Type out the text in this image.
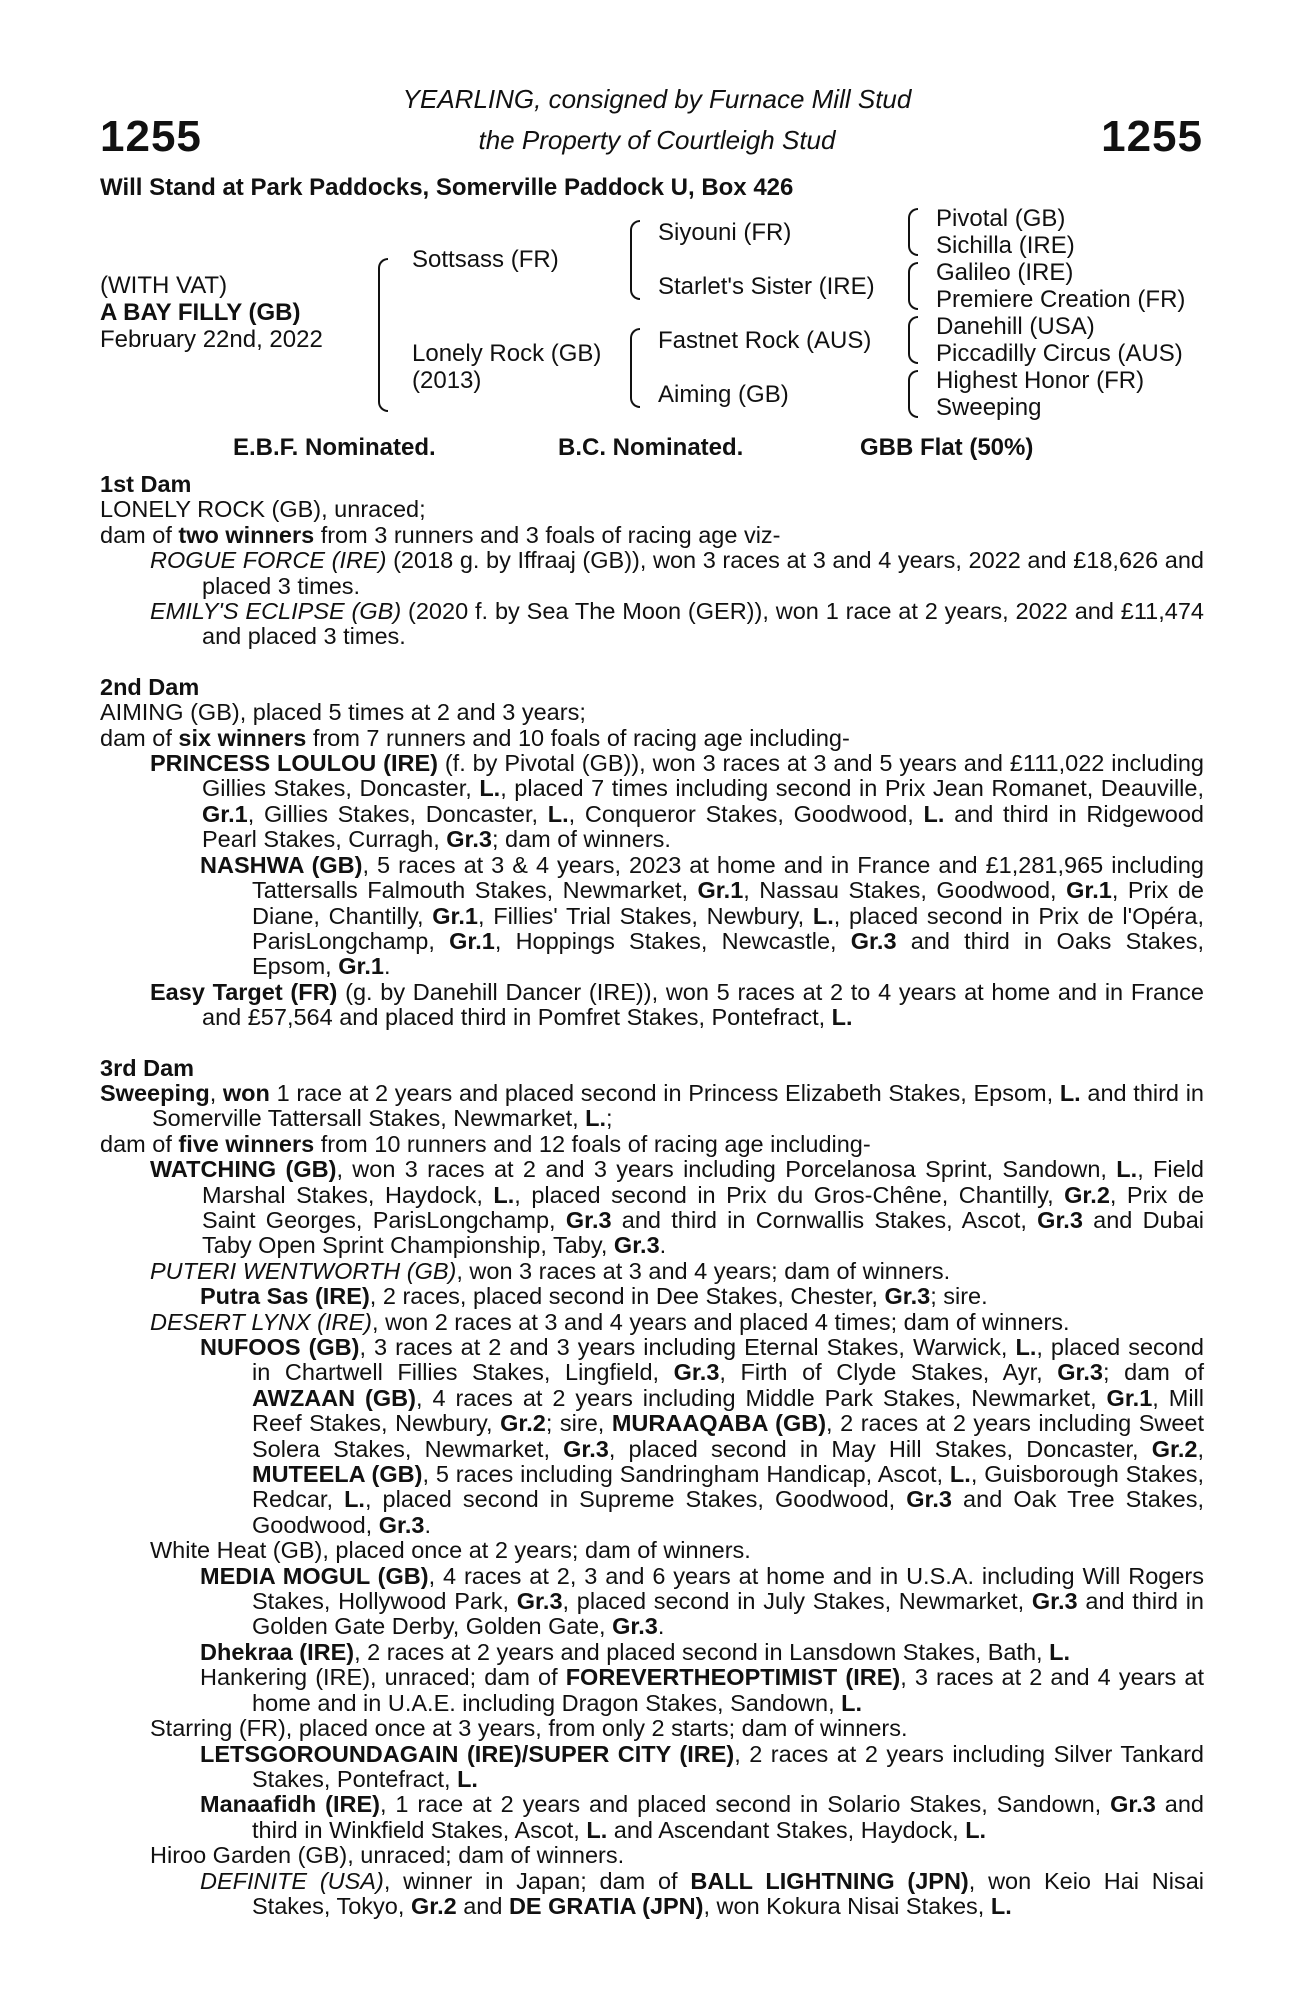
1255	1255
YEARLING, consigned by Furnace Mill Stud
the Property of Courtleigh Stud
Will Stand at Park Paddocks, Somerville Paddock U, Box 426
(WITH VAT)
A BAY FILLY (GB)
February 22nd, 2022
Sottsass (FR)
Lonely Rock (GB)
(2013)
Siyouni (FR)
Starlet's Sister (IRE)
Fastnet Rock (AUS)
Aiming (GB)
Pivotal (GB)
Sichilla (IRE)
Galileo (IRE)
Premiere Creation (FR)
Danehill (USA)
Piccadilly Circus (AUS)
Highest Honor (FR)
Sweeping
E.B.F. Nominated.	B.C. Nominated.	GBB Flat (50%)

1st Dam

LONELY ROCK (GB), unraced;

dam of two winners from 3 runners and 3 foals of racing age viz-

ROGUE FORCE (IRE) (2018 g. by Iffraaj (GB)), won 3 races at 3 and 4 years, 2022 and £18,626 and placed 3 times.

EMILY'S ECLIPSE (GB) (2020 f. by Sea The Moon (GER)), won 1 race at 2 years, 2022 and £11,474 and placed 3 times.

2nd Dam

AIMING (GB), placed 5 times at 2 and 3 years;

dam of six winners from 7 runners and 10 foals of racing age including-

PRINCESS LOULOU (IRE) (f. by Pivotal (GB)), won 3 races at 3 and 5 years and £111,022 including Gillies Stakes, Doncaster, L., placed 7 times including second in Prix Jean Romanet, Deauville, Gr.1, Gillies Stakes, Doncaster, L., Conqueror Stakes, Goodwood, L. and third in Ridgewood Pearl Stakes, Curragh, Gr.3; dam of winners.

NASHWA (GB), 5 races at 3 & 4 years, 2023 at home and in France and £1,281,965 including Tattersalls Falmouth Stakes, Newmarket, Gr.1, Nassau Stakes, Goodwood, Gr.1, Prix de Diane, Chantilly, Gr.1, Fillies' Trial Stakes, Newbury, L., placed second in Prix de l'Opéra, ParisLongchamp, Gr.1, Hoppings Stakes, Newcastle, Gr.3 and third in Oaks Stakes, Epsom, Gr.1.

Easy Target (FR) (g. by Danehill Dancer (IRE)), won 5 races at 2 to 4 years at home and in France and £57,564 and placed third in Pomfret Stakes, Pontefract, L.

3rd Dam

Sweeping, won 1 race at 2 years and placed second in Princess Elizabeth Stakes, Epsom, L. and third in Somerville Tattersall Stakes, Newmarket, L.;

dam of five winners from 10 runners and 12 foals of racing age including-

WATCHING (GB), won 3 races at 2 and 3 years including Porcelanosa Sprint, Sandown, L., Field Marshal Stakes, Haydock, L., placed second in Prix du Gros-Chêne, Chantilly, Gr.2, Prix de Saint Georges, ParisLongchamp, Gr.3 and third in Cornwallis Stakes, Ascot, Gr.3 and Dubai Taby Open Sprint Championship, Taby, Gr.3.

PUTERI WENTWORTH (GB), won 3 races at 3 and 4 years; dam of winners.

Putra Sas (IRE), 2 races, placed second in Dee Stakes, Chester, Gr.3; sire.

DESERT LYNX (IRE), won 2 races at 3 and 4 years and placed 4 times; dam of winners.

NUFOOS (GB), 3 races at 2 and 3 years including Eternal Stakes, Warwick, L., placed second in Chartwell Fillies Stakes, Lingfield, Gr.3, Firth of Clyde Stakes, Ayr, Gr.3; dam of AWZAAN (GB), 4 races at 2 years including Middle Park Stakes, Newmarket, Gr.1, Mill Reef Stakes, Newbury, Gr.2; sire, MURAAQABA (GB), 2 races at 2 years including Sweet Solera Stakes, Newmarket, Gr.3, placed second in May Hill Stakes, Doncaster, Gr.2, MUTEELA (GB), 5 races including Sandringham Handicap, Ascot, L., Guisborough Stakes, Redcar, L., placed second in Supreme Stakes, Goodwood, Gr.3 and Oak Tree Stakes, Goodwood, Gr.3.

White Heat (GB), placed once at 2 years; dam of winners.

MEDIA MOGUL (GB), 4 races at 2, 3 and 6 years at home and in U.S.A. including Will Rogers Stakes, Hollywood Park, Gr.3, placed second in July Stakes, Newmarket, Gr.3 and third in Golden Gate Derby, Golden Gate, Gr.3.

Dhekraa (IRE), 2 races at 2 years and placed second in Lansdown Stakes, Bath, L.

Hankering (IRE), unraced; dam of FOREVERTHEOPTIMIST (IRE), 3 races at 2 and 4 years at home and in U.A.E. including Dragon Stakes, Sandown, L.

Starring (FR), placed once at 3 years, from only 2 starts; dam of winners.

LETSGOROUNDAGAIN (IRE)/SUPER CITY (IRE), 2 races at 2 years including Silver Tankard Stakes, Pontefract, L.

Manaafidh (IRE), 1 race at 2 years and placed second in Solario Stakes, Sandown, Gr.3 and third in Winkfield Stakes, Ascot, L. and Ascendant Stakes, Haydock, L.

Hiroo Garden (GB), unraced; dam of winners.

DEFINITE (USA), winner in Japan; dam of BALL LIGHTNING (JPN), won Keio Hai Nisai Stakes, Tokyo, Gr.2 and DE GRATIA (JPN), won Kokura Nisai Stakes, L.
